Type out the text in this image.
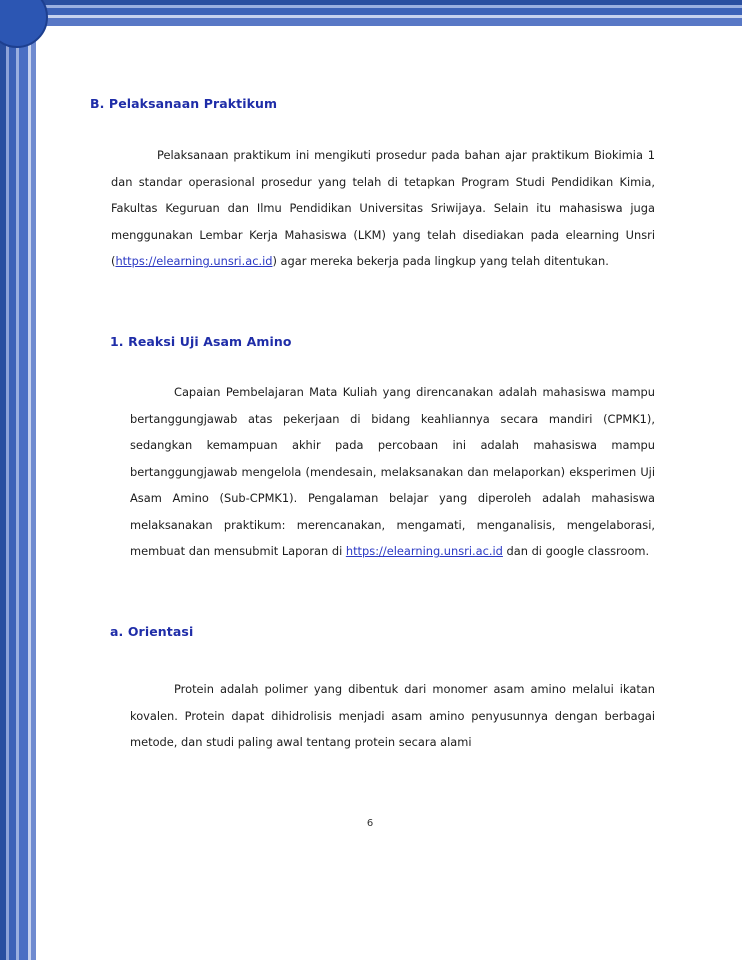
B. Pelaksanaan Praktikum

Pelaksanaan praktikum ini mengikuti prosedur pada bahan ajar praktikum Biokimia 1 dan standar operasional prosedur yang telah di tetapkan Program Studi Pendidikan Kimia, Fakultas Keguruan dan Ilmu Pendidikan Universitas Sriwijaya. Selain itu mahasiswa juga menggunakan Lembar Kerja Mahasiswa (LKM) yang telah disediakan pada elearning Unsri (https://elearning.unsri.ac.id) agar mereka bekerja pada lingkup yang telah ditentukan.

1. Reaksi Uji Asam Amino

Capaian Pembelajaran Mata Kuliah yang direncanakan adalah mahasiswa mampu bertanggungjawab atas pekerjaan di bidang keahliannya secara mandiri (CPMK1), sedangkan kemampuan akhir pada percobaan ini adalah mahasiswa mampu bertanggungjawab mengelola (mendesain, melaksanakan dan melaporkan) eksperimen Uji Asam Amino (Sub-CPMK1). Pengalaman belajar yang diperoleh adalah mahasiswa melaksanakan praktikum: merencanakan, mengamati, menganalisis, mengelaborasi, membuat dan mensubmit Laporan di https://elearning.unsri.ac.id dan di google classroom.

a. Orientasi

Protein adalah polimer yang dibentuk dari monomer asam amino melalui ikatan kovalen. Protein dapat dihidrolisis menjadi asam amino penyusunnya dengan berbagai metode, dan studi paling awal tentang protein secara alami

6
